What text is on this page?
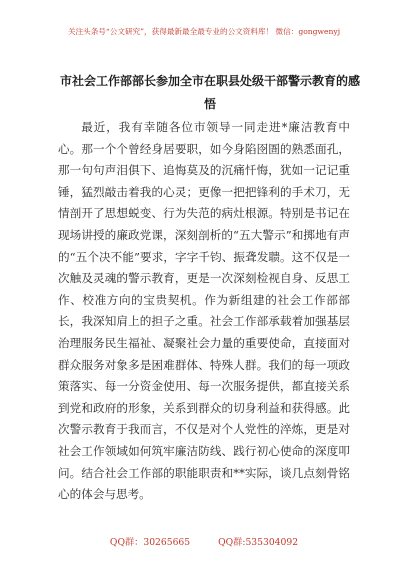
关注头条号“公文研究”，获得最新最全最专业的公文资料库！ 微信：gongwenyj
市社会工作部部长参加全市在职县处级干部警示教育的感悟

最近，我有幸随各位市领导一同走进*廉洁教育中心。那一个个曾经身居要职，如今身陷囹圄的熟悉面孔，那一句句声泪俱下、追悔莫及的沉痛忏悔，犹如一记记重锤，猛烈敲击着我的心灵；更像一把把锋利的手术刀，无情剖开了思想蜕变、行为失范的病灶根源。特别是书记在现场讲授的廉政党课，深刻剖析的“五大警示”和掷地有声的“五个决不能”要求，字字千钧、振聋发聩。这不仅是一次触及灵魂的警示教育，更是一次深刻检视自身、反思工作、校准方向的宝贵契机。作为新组建的社会工作部部长，我深知肩上的担子之重。社会工作部承载着加强基层治理服务民生福祉、凝聚社会力量的重要使命，直接面对群众服务对象多是困难群体、特殊人群。我们的每一项政策落实、每一分资金使用、每一次服务提供，都直接关系到党和政府的形象，关系到群众的切身利益和获得感。此次警示教育于我而言，不仅是对个人党性的淬炼，更是对社会工作领域如何筑牢廉洁防线、践行初心使命的深度叩问。结合社会工作部的职能职责和**实际，谈几点刻骨铭心的体会与思考。

QQ群：30265665	QQ群:535304092
